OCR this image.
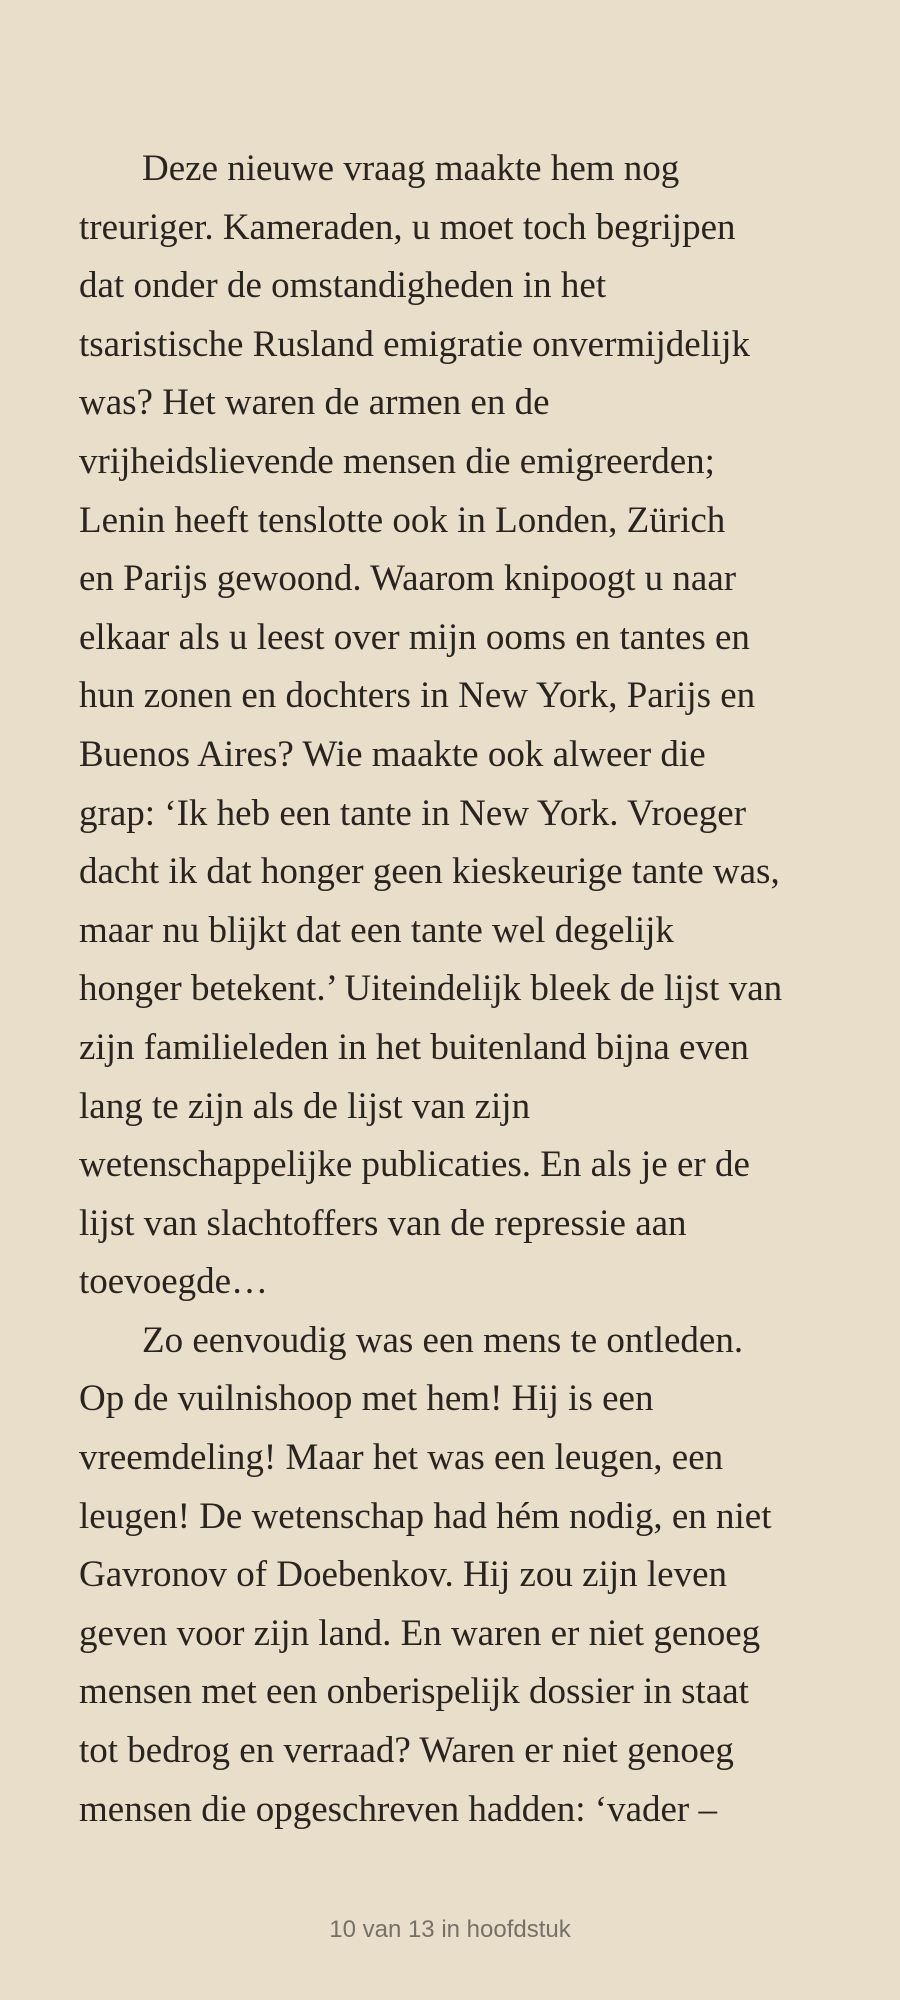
Deze nieuwe vraag maakte hem nog
treuriger. Kameraden, u moet toch begrijpen
dat onder de omstandigheden in het
tsaristische Rusland emigratie onvermijdelijk
was? Het waren de armen en de
vrijheidslievende mensen die emigreerden;
Lenin heeft tenslotte ook in Londen, Zürich
en Parijs gewoond. Waarom knipoogt u naar
elkaar als u leest over mijn ooms en tantes en
hun zonen en dochters in New York, Parijs en
Buenos Aires? Wie maakte ook alweer die
grap: ‘Ik heb een tante in New York. Vroeger
dacht ik dat honger geen kieskeurige tante was,
maar nu blijkt dat een tante wel degelijk
honger betekent.’ Uiteindelijk bleek de lijst van
zijn familieleden in het buitenland bijna even
lang te zijn als de lijst van zijn
wetenschappelijke publicaties. En als je er de
lijst van slachtoffers van de repressie aan
toevoegde…
Zo eenvoudig was een mens te ontleden.
Op de vuilnishoop met hem! Hij is een
vreemdeling! Maar het was een leugen, een
leugen! De wetenschap had hém nodig, en niet
Gavronov of Doebenkov. Hij zou zijn leven
geven voor zijn land. En waren er niet genoeg
mensen met een onberispelijk dossier in staat
tot bedrog en verraad? Waren er niet genoeg
mensen die opgeschreven hadden: ‘vader –
10 van 13 in hoofdstuk
